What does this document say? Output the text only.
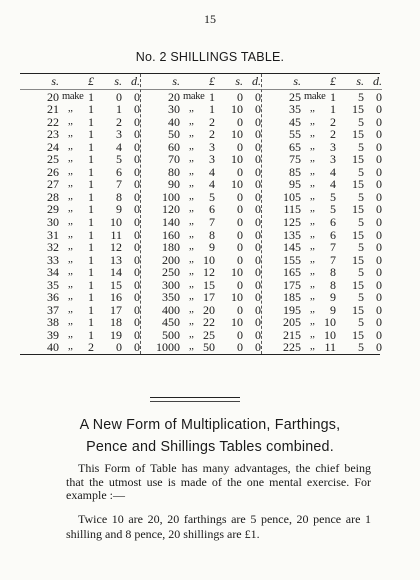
15
No. 2 SHILLINGS TABLE.
s.	£	s. d.
20 make 1	0	0
21 ,,	1	1	0
22 ,,	1	2	0
23 ,,	1	3	0
24 ,,	1	4	0
25 ,,	1	5	0
26 ,,	1	6	0
27 ,,	1	7	0
28 ,,	1	8	0
29 ,,	1	9	0
30 ,,	1	10	0
31 ,,	1	11	0
32 ,,	1	12	0
33 ,,	1	13	0
34 ,,	1	14	0
35 ,,	1	15	0
36 ,,	1	16	0
37 ,,	1	17	0
38 ,,	1	18	0
39 ,,	1	19	0
40 ,,	2	0	0
s.	£	s. d.
20 make 1	0	0
30 ,,	1	10	0
40 ,,	2	0	0
50 ,,	2	10	0
60 ,,	3	0	0
70 ,,	3	10	0
80 ,,	4	0	0
90 ,,	4	10	0
100 ,,	5	0	0
120 ,,	6	0	0
140 ,,	7	0	0
160 ,,	8	0	0
180 ,,	9	0	0
200 ,, 10	0	0
250 ,, 12	10	0
300 ,, 15	0	0
350 ,, 17	10	0
400 ,, 20	0	0
450 ,, 22	10	0
500 ,, 25	0	0
1000 ,, 50	0	0
s.	£	s. d.
25 make 1	5	0
35 ,,	1	15	0
45 ,,	2	5	0
55 ,,	2	15	0
65 ,,	3	5	0
75 ,,	3	15	0
85 ,,	4	5	0
95 ,,	4	15	0
105 ,,	5	5	0
115 ,,	5	15	0
125 ,,	6	5	0
135 ,,	6	15	0
145 ,,	7	5	0
155 ,,	7	15	0
165 ,,	8	5	0
175 ,,	8	15	0
185 ,,	9	5	0
195 ,,	9	15	0
205 ,, 10	5	0
215 ,, 10	15	0
225 ,, 11	5	0
A New Form of Multiplication, Farthings,
Pence and Shillings Tables combined.
This Form of Table has many advantages, the chief being that the utmost use is made of the one mental exercise. For example :—
Twice 10 are 20, 20 farthings are 5 pence, 20 pence are 1 shilling and 8 pence, 20 shillings are £1.
